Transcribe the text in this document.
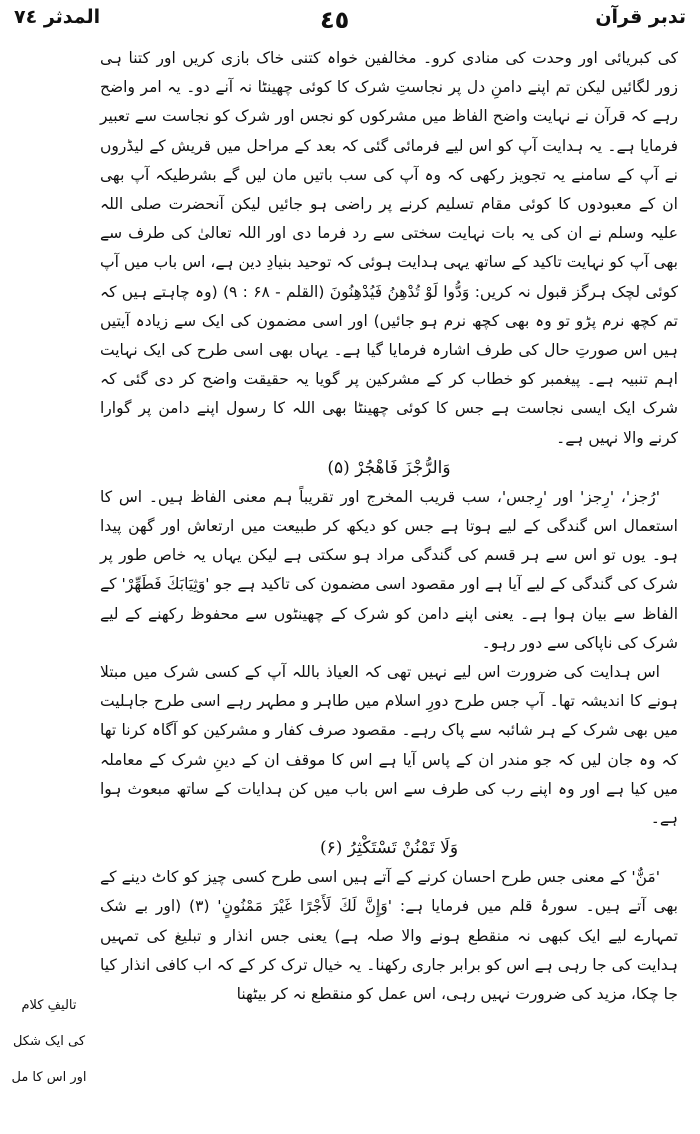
تدبر قرآن
٤٥
المدثر ٧٤

کی کبریائی اور وحدت کی منادی کرو۔ مخالفین خواہ کتنی خاک بازی کریں اور کتنا ہی زور لگائیں لیکن تم اپنے دامنِ دل پر نجاستِ شرک کا کوئی چھینٹا نہ آنے دو۔ یہ امر واضح رہے کہ قرآن نے نہایت واضح الفاظ میں مشرکوں کو نجس اور شرک کو نجاست سے تعبیر فرمایا ہے۔ یہ ہدایت آپ کو اس لیے فرمائی گئی کہ بعد کے مراحل میں قریش کے لیڈروں نے آپ کے سامنے یہ تجویز رکھی کہ وہ آپ کی سب باتیں مان لیں گے بشرطیکہ آپ بھی ان کے معبودوں کا کوئی مقام تسلیم کرنے پر راضی ہو جائیں لیکن آنحضرت صلی اللہ علیہ وسلم نے ان کی یہ بات نہایت سختی سے رد فرما دی اور اللہ تعالیٰ کی طرف سے بھی آپ کو نہایت تاکید کے ساتھ یہی ہدایت ہوئی کہ توحید بنیادِ دین ہے، اس باب میں آپ کوئی لچک ہرگز قبول نہ کریں: وَدُّوا لَوْ تُدْهِنُ فَيُدْهِنُونَ (القلم - ۶۸ : ۹) (وہ چاہتے ہیں کہ تم کچھ نرم پڑو تو وہ بھی کچھ نرم ہو جائیں) اور اسی مضمون کی ایک سے زیادہ آیتیں ہیں اس صورتِ حال کی طرف اشارہ فرمایا گیا ہے۔ یہاں بھی اسی طرح کی ایک نہایت اہم تنبیہ ہے۔ پیغمبر کو خطاب کر کے مشرکین پر گویا یہ حقیقت واضح کر دی گئی کہ شرک ایک ایسی نجاست ہے جس کا کوئی چھینٹا بھی اللہ کا رسول اپنے دامن پر گوارا کرنے والا نہیں ہے۔

وَالرُّجْزَ فَاهْجُرْ (۵)

'رُجز'، 'رِجز' اور 'رِجس'، سب قریب المخرج اور تقریباً ہم معنی الفاظ ہیں۔ اس کا استعمال اس گندگی کے لیے ہوتا ہے جس کو دیکھ کر طبیعت میں ارتعاش اور گھن پیدا ہو۔ یوں تو اس سے ہر قسم کی گندگی مراد ہو سکتی ہے لیکن یہاں یہ خاص طور پر شرک کی گندگی کے لیے آیا ہے اور مقصود اسی مضمون کی تاکید ہے جو 'وَثِيَابَكَ فَطَهِّرْ' کے الفاظ سے بیان ہوا ہے۔ یعنی اپنے دامن کو شرک کے چھینٹوں سے محفوظ رکھنے کے لیے شرک کی ناپاکی سے دور رہو۔

اس ہدایت کی ضرورت اس لیے نہیں تھی کہ العیاذ باللہ آپ کے کسی شرک میں مبتلا ہونے کا اندیشہ تھا۔ آپ جس طرح دورِ اسلام میں طاہر و مطہر رہے اسی طرح جاہلیت میں بھی شرک کے ہر شائبہ سے پاک رہے۔ مقصود صرف کفار و مشرکین کو آگاہ کرنا تھا کہ وہ جان لیں کہ جو مندر ان کے پاس آیا ہے اس کا موقف ان کے دینِ شرک کے معاملہ میں کیا ہے اور وہ اپنے رب کی طرف سے اس باب میں کن ہدایات کے ساتھ مبعوث ہوا ہے۔

وَلَا تَمْنُنْ تَسْتَكْثِرُ (۶)

'مَنٌّ' کے معنی جس طرح احسان کرنے کے آتے ہیں اسی طرح کسی چیز کو کاٹ دینے کے بھی آتے ہیں۔ سورۂ قلم میں فرمایا ہے: 'وَإِنَّ لَكَ لَأَجْرًا غَيْرَ مَمْنُونٍ' (۳) (اور بے شک تمہارے لیے ایک کبھی نہ منقطع ہونے والا صلہ ہے) یعنی جس انذار و تبلیغ کی تمہیں ہدایت کی جا رہی ہے اس کو برابر جاری رکھنا۔ یہ خیال ترک کر کے کہ اب کافی انذار کیا جا چکا، مزید کی ضرورت نہیں رہی، اس عمل کو منقطع نہ کر بیٹھنا

تالیفِ کلام
کی ایک شکل
اور اس کا مل
